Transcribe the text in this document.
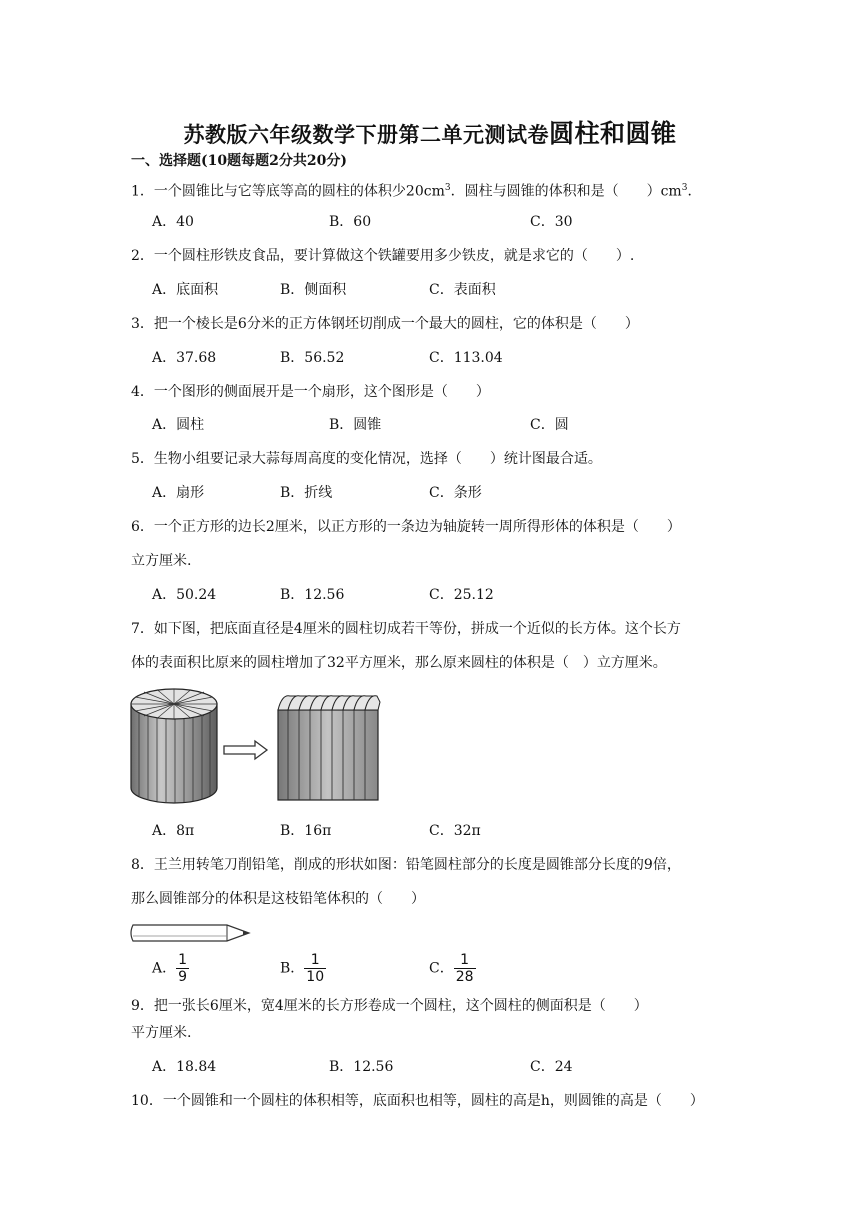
苏教版六年级数学下册第二单元测试卷圆柱和圆锥
一、选择题(10题每题2分共20分)
1．一个圆锥比与它等底等高的圆柱的体积少$20cm^3$．圆柱与圆锥的体积和是（　　）$cm^3$．
A．40	B．60	C．30
2．一个圆柱形铁皮食品，要计算做这个铁罐要用多少铁皮，就是求它的（　　）.
A．底面积	B．侧面积	C．表面积
3．把一个棱长是6分米的正方体钢坯切削成一个最大的圆柱，它的体积是（　　）
A．37.68	B．56.52	C．113.04
4．一个图形的侧面展开是一个扇形，这个图形是（　　）
A．圆柱	B．圆锥	C．圆
5．生物小组要记录大蒜每周高度的变化情况，选择（　　）统计图最合适。
A．扇形	B．折线	C．条形
6．一个正方形的边长2厘米，以正方形的一条边为轴旋转一周所得形体的体积是（　　）
立方厘米.
A．50.24	B．12.56	C．25.12
7．如下图，把底面直径是4厘米的圆柱切成若干等份，拼成一个近似的长方体。这个长方
体的表面积比原来的圆柱增加了32平方厘米，那么原来圆柱的体积是（　）立方厘米。
A．8π	B．16π	C．32π
8．王兰用转笔刀削铅笔，削成的形状如图：铅笔圆柱部分的长度是圆锥部分长度的9倍，
那么圆锥部分的体积是这枝铅笔体积的（　　）
A． $\frac{1}{9}$	B． $\frac{1}{10}$	C． $\frac{1}{28}$
9．把一张长6厘米，宽4厘米的长方形卷成一个圆柱，这个圆柱的侧面积是（　　）
平方厘米.
A．18.84	B．12.56	C．24
10．一个圆锥和一个圆柱的体积相等，底面积也相等，圆柱的高是h，则圆锥的高是（　　）
